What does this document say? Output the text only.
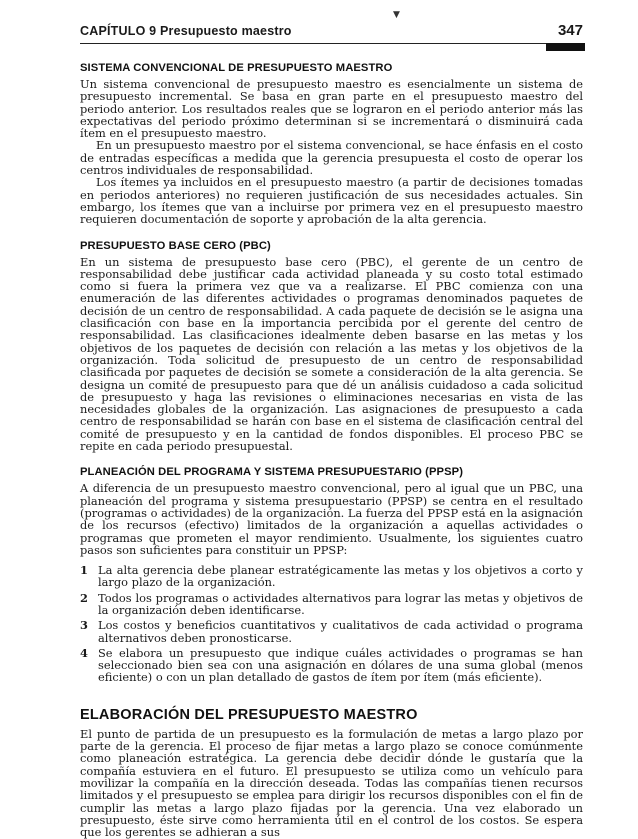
▼
CAPÍTULO 9 Presupuesto maestro	347
SISTEMA CONVENCIONAL DE PRESUPUESTO MAESTRO

Un sistema convencional de presupuesto maestro es esencialmente un sistema de presupuesto incremental. Se basa en gran parte en el presupuesto maestro del periodo anterior. Los resultados reales que se lograron en el periodo anterior más las expectativas del periodo próximo determinan si se incrementará o disminuirá cada ítem en el presupuesto maestro.

En un presupuesto maestro por el sistema convencional, se hace énfasis en el costo de entradas específicas a medida que la gerencia presupuesta el costo de operar los centros individuales de responsabilidad.

Los ítemes ya incluidos en el presupuesto maestro (a partir de decisiones tomadas en periodos anteriores) no requieren justificación de sus necesidades actuales. Sin embargo, los ítemes que van a incluirse por primera vez en el presupuesto maestro requieren documentación de soporte y aprobación de la alta gerencia.

PRESUPUESTO BASE CERO (PBC)

En un sistema de presupuesto base cero (PBC), el gerente de un centro de responsabilidad debe justificar cada actividad planeada y su costo total estimado como si fuera la primera vez que va a realizarse. El PBC comienza con una enumeración de las diferentes actividades o programas denominados paquetes de decisión de un centro de responsabilidad. A cada paquete de decisión se le asigna una clasificación con base en la importancia percibida por el gerente del centro de responsabilidad. Las clasificaciones idealmente deben basarse en las metas y los objetivos de los paquetes de decisión con relación a las metas y los objetivos de la organización. Toda solicitud de presupuesto de un centro de responsabilidad clasificada por paquetes de decisión se somete a consideración de la alta gerencia. Se designa un comité de presupuesto para que dé un análisis cuidadoso a cada solicitud de presupuesto y haga las revisiones o eliminaciones necesarias en vista de las necesidades globales de la organización. Las asignaciones de presupuesto a cada centro de responsabilidad se harán con base en el sistema de clasificación central del comité de presupuesto y en la cantidad de fondos disponibles. El proceso PBC se repite en cada periodo presupuestal.

PLANEACIÓN DEL PROGRAMA Y SISTEMA PRESUPUESTARIO (PPSP)

A diferencia de un presupuesto maestro convencional, pero al igual que un PBC, una planeación del programa y sistema presupuestario (PPSP) se centra en el resultado (programas o actividades) de la organización. La fuerza del PPSP está en la asignación de los recursos (efectivo) limitados de la organización a aquellas actividades o programas que prometen el mayor rendimiento. Usualmente, los siguientes cuatro pasos son suficientes para constituir un PPSP:

1 La alta gerencia debe planear estratégicamente las metas y los objetivos a corto y largo plazo de la organización.
2 Todos los programas o actividades alternativos para lograr las metas y objetivos de la organización deben identificarse.
3 Los costos y beneficios cuantitativos y cualitativos de cada actividad o programa alternativos deben pronosticarse.
4 Se elabora un presupuesto que indique cuáles actividades o programas se han seleccionado bien sea con una asignación en dólares de una suma global (menos eficiente) o con un plan detallado de gastos de ítem por ítem (más eficiente).
ELABORACIÓN DEL PRESUPUESTO MAESTRO

El punto de partida de un presupuesto es la formulación de metas a largo plazo por parte de la gerencia. El proceso de fijar metas a largo plazo se conoce comúnmente como planeación estratégica. La gerencia debe decidir dónde le gustaría que la compañía estuviera en el futuro. El presupuesto se utiliza como un vehículo para movilizar la compañía en la dirección deseada. Todas las compañías tienen recursos limitados y el presupuesto se emplea para dirigir los recursos disponibles con el fin de cumplir las metas a largo plazo fijadas por la gerencia. Una vez elaborado un presupuesto, éste sirve como herramienta útil en el control de los costos. Se espera que los gerentes se adhieran a sus
